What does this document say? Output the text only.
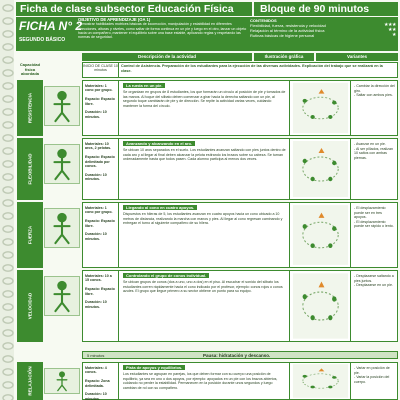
Ficha de clase subsector Educación Física	Bloque de 90 minutos
FICHA N° 2
SEGUNDO BÁSICO
OBJETIVO DE APRENDIZAJE (OA 1)
Demostrar habilidades motrices básicas de locomoción, manipulación y estabilidad en diferentes direcciones, alturas y niveles, como saltar de forma continua en un pie y luego en el otro, lanzar un objeto hacia un compañero, mantener el equilibrio sobre una base estable, aplicando reglas y respetando las normas de seguridad.
CONTENIDOS
Flexibilidad, fuerza, resistencia y velocidad	★★★
Relajación al término de la actividad física	★★
Rutinas básicas de higiene personal	★
Descripción de la actividad	Ilustración gráfica	Variantes
Capacidad física abordada
INICIO DE CLASE 10 minutos
Control de Asistencia. Preparación de los estudiantes para la ejecución de las diversas actividades. Explicación del trabajo que se realizará en la clase.
5 minutos	Pausa: hidratación y descanso.
RESISTENCIA
Materiales: 1 cono por grupo.

Espacio: Espacio libre.

Duración: 10 minutos.
La rueda en un pie.
Se organizan en grupos de 8 estudiantes, los que formarán un círculo al posición de pie y tomados de las manos. Al toque del silbato deben comenzar a girar hacia la derecha saltando con un pie, al segundo toque cambiarán de pie y de dirección. Se repite la actividad varias veces, cuidando mantener la forma del círculo.
- Cambiar la dirección del giro.
- Saltar con ambos pies.
FLEXIBILIDAD
Materiales: 10 aros, 2 pelotas.

Espacio: Espacio delimitado por conos.

Duración: 10 minutos.
Avanzando y alcanzando en el aro.
Se ubican 10 aros separados en el suelo. Los estudiantes avanzan saltando con pies juntos dentro de cada aro y al llegar al final deben alcanzar la pelota estirando los brazos sobre su cabeza. Se turnan ordenadamente hasta que todos pasen. Cada alumno participa al menos dos veces.
- Avanzar en un pie.
- Al ser pillados, realizan 10 saltos con ambas piernas.
FUERZA
Materiales: 1 cono por grupo.

Espacio: Espacio libre.

Duración: 10 minutos.
Llegando al cono en cuatro apoyos.
Dispuestos en hileras de 5, los estudiantes avanzan en cuatro apoyos hacia un cono ubicado a 10 metros de distancia, realizando la marcha con manos y pies. Al llegar al cono regresan caminando y entregan el turno al siguiente compañero de su hilera.
- El desplazamiento puede ser en tres apoyos.
- El desplazamiento puede ser rápido o lento.
VELOCIDAD
Materiales: 10 a 15 conos.

Espacio: Espacio libre.

Duración: 10 minutos.
Controlando el grupo de conos individual.
Se ubican grupos de conos (dos a uno, uno a dos) en el piso. Al escuchar el sonido del silbato los estudiantes corren rápidamente hacia el cono indicado por el profesor, ejemplo: conos rojos o conos azules. El grupo que llegue primero a su sector obtiene un punto para su equipo.
- Desplazarse saltando a pies juntos.
- Desplazarse en un pie.
RELAJACIÓN	Materiales: 4 conos.

Espacio: Zona delimitada.

Duración: 10 minutos.
Pista de apoyos y equilibrios.
Los estudiantes se agrupan en parejas, los que deben formar con su cuerpo una posición de equilibrio, ya sea en uno o dos apoyos, por ejemplo: apoyados en un pie con los brazos abiertos, cuidando no perder la estabilidad. Permanecen en la posición durante unos segundos y luego cambian de rol con su compañero.
- Variar en posición de pie.
- Variar la posición del cuerpo.
